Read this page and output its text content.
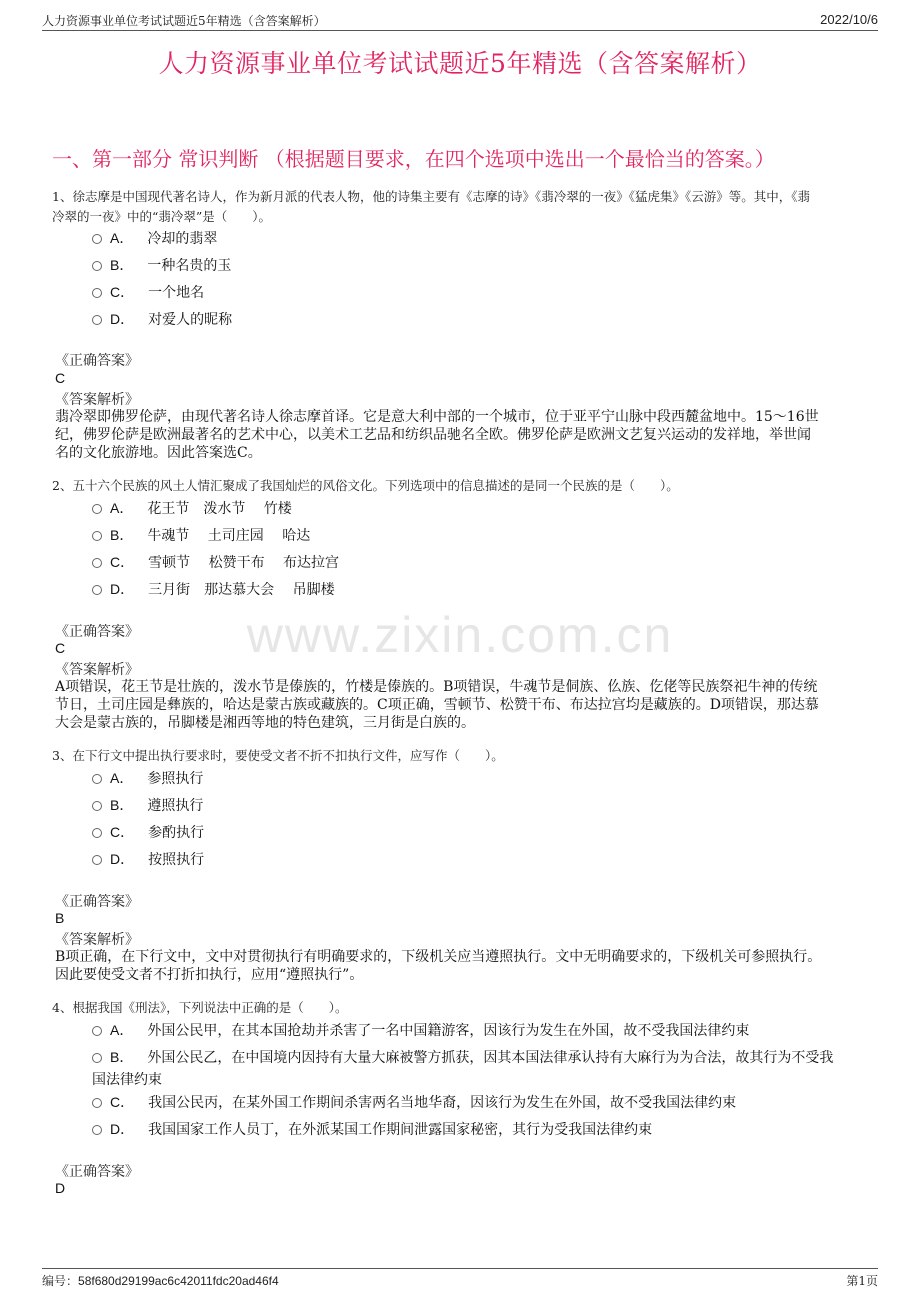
人力资源事业单位考试试题近5年精选（含答案解析）	2022/10/6
人力资源事业单位考试试题近5年精选（含答案解析）
一、第一部分 常识判断 （根据题目要求，在四个选项中选出一个最恰当的答案。）
www.zixin.com.cn
1、徐志摩是中国现代著名诗人，作为新月派的代表人物，他的诗集主要有《志摩的诗》《翡冷翠的一夜》《猛虎集》《云游》等。其中，《翡
冷翠的一夜》中的“翡冷翠”是（　　）。
A． 冷却的翡翠
B． 一种名贵的玉
C． 一个地名
D． 对爱人的昵称
《正确答案》
C
《答案解析》
翡冷翠即佛罗伦萨，由现代著名诗人徐志摩首译。它是意大利中部的一个城市，位于亚平宁山脉中段西麓盆地中。15～16世
纪，佛罗伦萨是欧洲最著名的艺术中心，以美术工艺品和纺织品驰名全欧。佛罗伦萨是欧洲文艺复兴运动的发祥地，举世闻
名的文化旅游地。因此答案选C。
2、五十六个民族的风土人情汇聚成了我国灿烂的风俗文化。下列选项中的信息描述的是同一个民族的是（　　）。
A． 花王节　泼水节　 竹楼
B． 牛魂节　 土司庄园　 哈达
C． 雪顿节　 松赞干布　 布达拉宫
D． 三月街　那达慕大会　 吊脚楼
《正确答案》
C
《答案解析》
A项错误，花王节是壮族的，泼水节是傣族的，竹楼是傣族的。B项错误，牛魂节是侗族、仫族、仡佬等民族祭祀牛神的传统
节日，土司庄园是彝族的，哈达是蒙古族或藏族的。C项正确，雪顿节、松赞干布、布达拉宫均是藏族的。D项错误，那达慕
大会是蒙古族的，吊脚楼是湘西等地的特色建筑，三月街是白族的。
3、在下行文中提出执行要求时，要使受文者不折不扣执行文件，应写作（　　）。
A． 参照执行
B． 遵照执行
C． 参酌执行
D． 按照执行
《正确答案》
B
《答案解析》
B项正确，在下行文中，文中对贯彻执行有明确要求的，下级机关应当遵照执行。文中无明确要求的，下级机关可参照执行。
因此要使受文者不打折扣执行，应用“遵照执行”。
4、根据我国《刑法》，下列说法中正确的是（　　）。
A． 外国公民甲，在其本国抢劫并杀害了一名中国籍游客，因该行为发生在外国，故不受我国法律约束
B． 外国公民乙，在中国境内因持有大量大麻被警方抓获，因其本国法律承认持有大麻行为为合法，故其行为不受我
国法律约束
C． 我国公民丙，在某外国工作期间杀害两名当地华裔，因该行为发生在外国，故不受我国法律约束
D． 我国国家工作人员丁，在外派某国工作期间泄露国家秘密，其行为受我国法律约束
《正确答案》
D
编号：58f680d29199ac6c42011fdc20ad46f4	第1页
